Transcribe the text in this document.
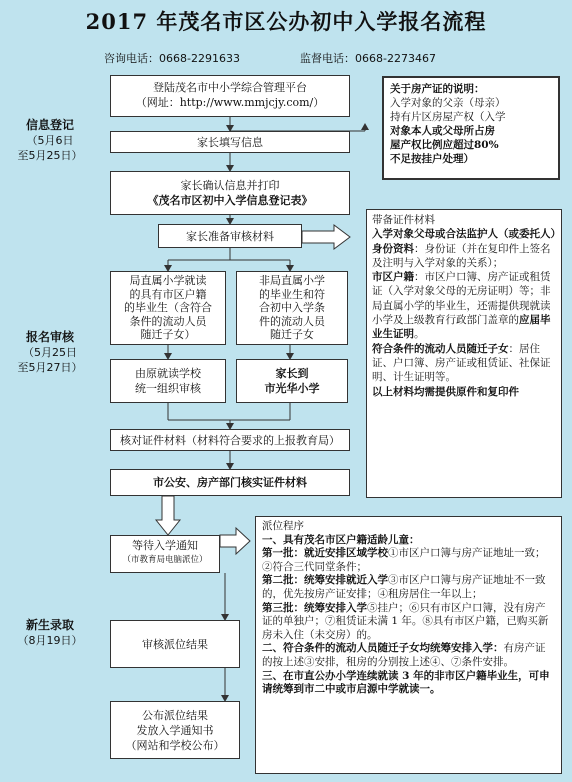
2017 年茂名市区公办初中入学报名流程
咨询电话：0668-2291633	监督电话：0668-2273467
信息登记
（5月6日
至5月25日）
报名审核
（5月25日
至5月27日）
新生录取
（8月19日）
登陆茂名市中小学综合管理平台
（网址：http://www.mmjcjy.com/）
家长填写信息
家长确认信息并打印
《茂名市区初中入学信息登记表》
家长准备审核材料
局直属小学就读
的具有市区户籍
的毕业生（含符合
条件的流动人员
随迁子女）
非局直属小学
的毕业生和符
合初中入学条
件的流动人员
随迁子女
由原就读学校
统一组织审核
家长到
市光华小学
核对证件材料（材料符合要求的上报教育局）
市公安、房产部门核实证件材料
等待入学通知
（市教育局电脑派位）
审核派位结果
公布派位结果
发放入学通知书
（网站和学校公布）
关于房产证的说明：
入学对象的父亲（母亲）
持有片区房屋产权（入学
对象本人或父母所占房
屋产权比例应超过80%
不足按挂户处理）
带备证件材料
入学对象父母或合法监护人（或委托人）身份资料：身份证（并在复印件上签名及注明与入学对象的关系）；
市区户籍：市区户口簿、房产证或租赁证（入学对象父母的无房证明）等；非局直属小学的毕业生，还需提供现就读小学及上级教育行政部门盖章的应届毕业生证明。
符合条件的流动人员随迁子女：居住证、户口簿、房产证或租赁证、社保证明、计生证明等。
以上材料均需提供原件和复印件
派位程序
一、具有茂名市区户籍适龄儿童：
第一批：就近安排区域学校①市区户口簿与房产证地址一致；②符合三代同堂条件；
第二批：统筹安排就近入学③市区户口簿与房产证地址不一致的，优先按房产证安排；④租房居住一年以上；
第三批：统筹安排入学⑤挂户；⑥只有市区户口簿，没有房产证的单独户；⑦租赁证未满 1 年。⑧具有市区户籍，已购买新房未入住（未交房）的。
二、符合条件的流动人员随迁子女均统筹安排入学：有房产证的按上述③安排，租房的分别按上述④、⑦条件安排。
三、在市直公办小学连续就读 3 年的非市区户籍毕业生，可申请统筹到市二中或市启源中学就读一。
